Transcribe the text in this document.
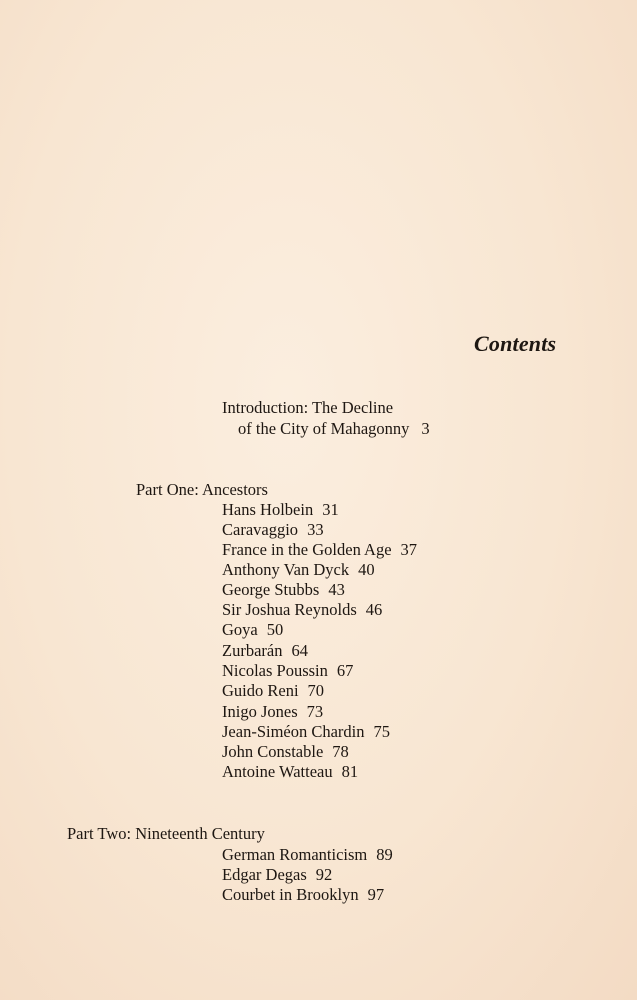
Contents
Introduction: The Decline
of the City of Mahagonny 3
Part One: Ancestors
Hans Holbein 31
Caravaggio 33
France in the Golden Age 37
Anthony Van Dyck 40
George Stubbs 43
Sir Joshua Reynolds 46
Goya 50
Zurbarán 64
Nicolas Poussin 67
Guido Reni 70
Inigo Jones 73
Jean-Siméon Chardin 75
John Constable 78
Antoine Watteau 81
Part Two: Nineteenth Century
German Romanticism 89
Edgar Degas 92
Courbet in Brooklyn 97
